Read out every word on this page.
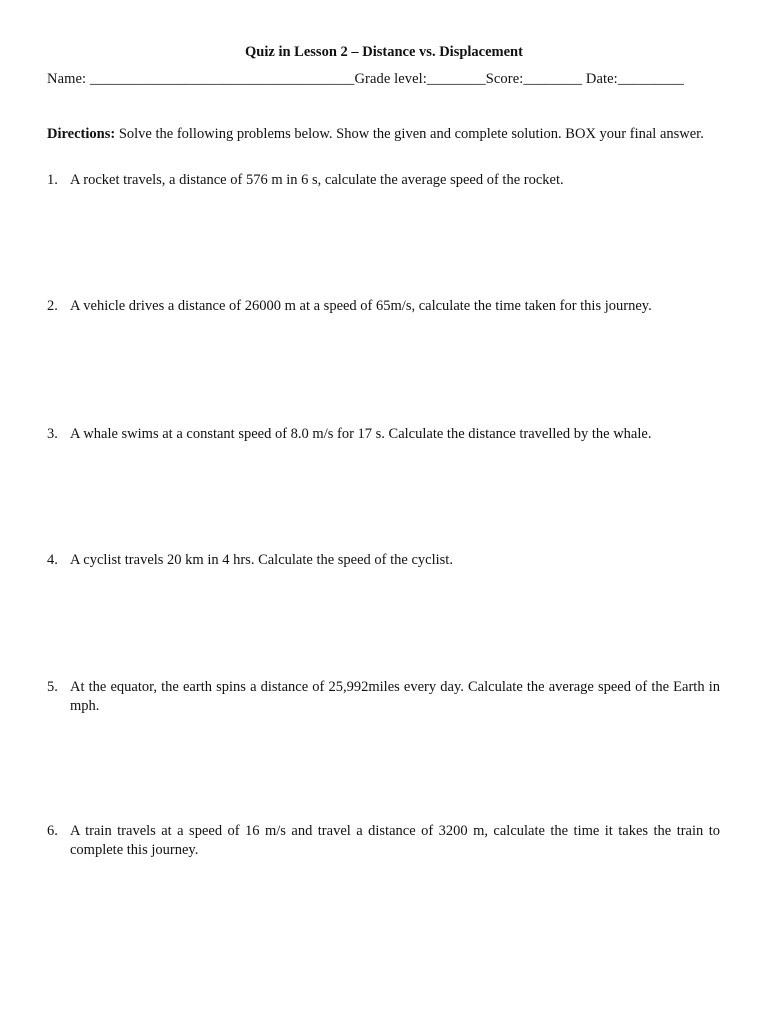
Quiz in Lesson 2 – Distance vs. Displacement
Name: ____________________________________Grade level:________Score:________ Date:_________
Directions: Solve the following problems below. Show the given and complete solution. BOX your final answer.
1. A rocket travels, a distance of 576 m in 6 s, calculate the average speed of the rocket.
2. A vehicle drives a distance of 26000 m at a speed of 65m/s, calculate the time taken for this journey.
3. A whale swims at a constant speed of 8.0 m/s for 17 s. Calculate the distance travelled by the whale.
4. A cyclist travels 20 km in 4 hrs. Calculate the speed of the cyclist.
5. At the equator, the earth spins a distance of 25,992miles every day. Calculate the average speed of the Earth in mph.
6. A train travels at a speed of 16 m/s and travel a distance of 3200 m, calculate the time it takes the train to complete this journey.
